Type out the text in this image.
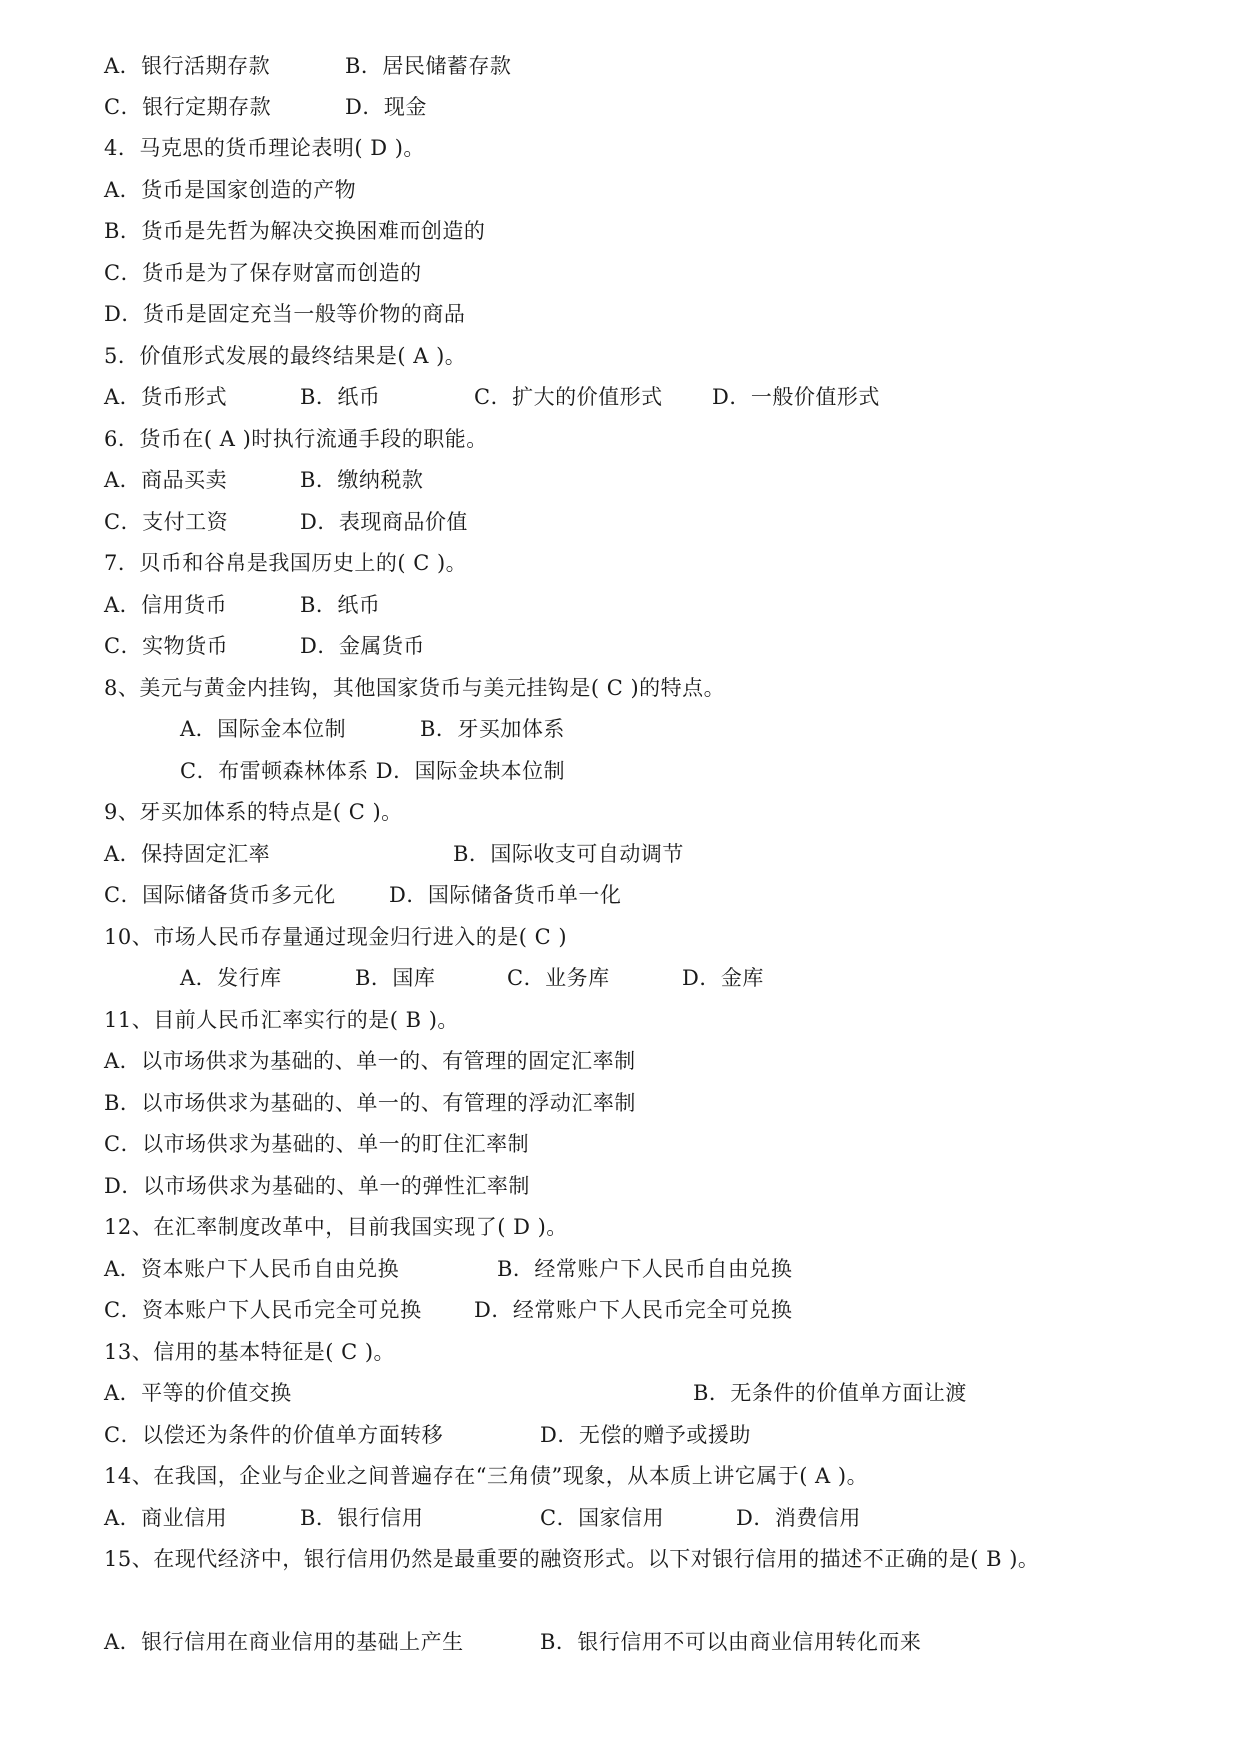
A．银行活期存款	B．居民储蓄存款
C．银行定期存款	D．现金
4．马克思的货币理论表明( D )。
A．货币是国家创造的产物
B．货币是先哲为解决交换困难而创造的
C．货币是为了保存财富而创造的
D．货币是固定充当一般等价物的商品
5．价值形式发展的最终结果是( A )。
A．货币形式	B．纸币	C．扩大的价值形式 D．一般价值形式
6．货币在( A )时执行流通手段的职能。
A．商品买卖	B．缴纳税款
C．支付工资	D．表现商品价值
7．贝币和谷帛是我国历史上的( C )。
A．信用货币	B．纸币
C．实物货币	D．金属货币
8、美元与黄金内挂钩，其他国家货币与美元挂钩是( C )的特点。
A．国际金本位制	B．牙买加体系
C．布雷顿森林体系 D．国际金块本位制
9、牙买加体系的特点是( C )。
A．保持固定汇率	B．国际收支可自动调节
C．国际储备货币多元化	D．国际储备货币单一化
10、市场人民币存量通过现金归行进入的是( C )
A．发行库	B．国库	C．业务库	D．金库
11、目前人民币汇率实行的是( B )。
A．以市场供求为基础的、单一的、有管理的固定汇率制
B．以市场供求为基础的、单一的、有管理的浮动汇率制
C．以市场供求为基础的、单一的盯住汇率制
D．以市场供求为基础的、单一的弹性汇率制
12、在汇率制度改革中，目前我国实现了( D )。
A．资本账户下人民币自由兑换	B．经常账户下人民币自由兑换
C．资本账户下人民币完全可兑换 D．经常账户下人民币完全可兑换
13、信用的基本特征是( C )。
A．平等的价值交换	B．无条件的价值单方面让渡
C．以偿还为条件的价值单方面转移	D．无偿的赠予或援助
14、在我国，企业与企业之间普遍存在“三角债”现象，从本质上讲它属于( A )。
A．商业信用	B．银行信用	C．国家信用	D．消费信用
15、在现代经济中，银行信用仍然是最重要的融资形式。以下对银行信用的描述不正确的是( B )。
A．银行信用在商业信用的基础上产生	B．银行信用不可以由商业信用转化而来
